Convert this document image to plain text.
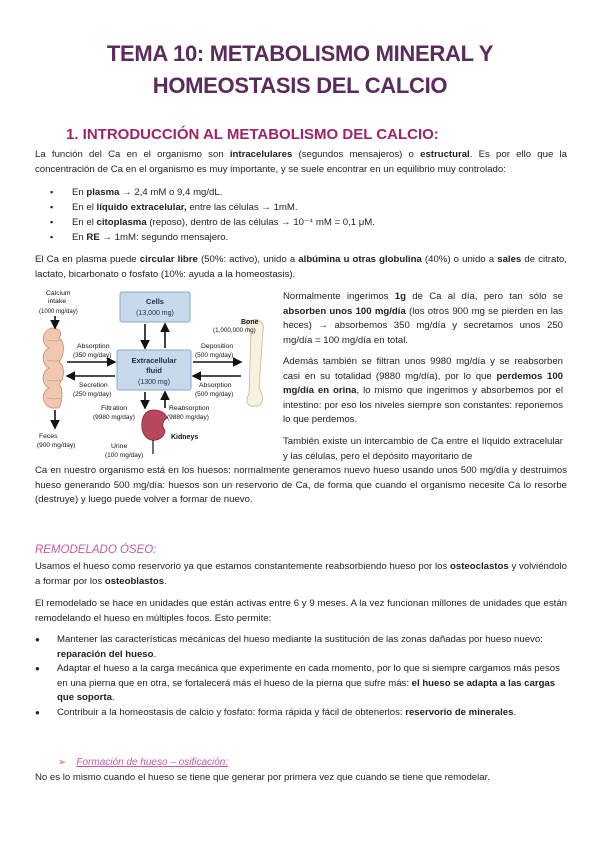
TEMA 10: METABOLISMO MINERAL Y
HOMEOSTASIS DEL CALCIO
1. INTRODUCCIÓN AL METABOLISMO DEL CALCIO:
La función del Ca en el organismo son intracelulares (segundos mensajeros) o estructural. Es por ello que la concentración de Ca en el organismo es muy importante, y se suele encontrar en un equilibrio muy controlado:
▪ En plasma → 2,4 mM o 9,4 mg/dL.
▪ En el líquido extracelular, entre las células → 1mM.
▪ En el citoplasma (reposo), dentro de las células → 10⁻⁴ mM = 0,1 μM.
▪ En RE → 1mM: segundo mensajero.
El Ca en plasma puede circular libre (50%: activo), unido a albúmina u otras globulina (40%) o unido a sales de citrato, lactato, bicarbonato o fosfato (10%: ayuda a la homeostasis).
Cells
(13,000 mg)
Extracellular
fluid
(1300 mg)
Calcium
intake
(1000 mg/day)
Absorption
(350 mg/day)
Secretion
(250 mg/day)
Feces
(900 mg/day)
Bone
(1,000,000 mg)
Deposition
(500 mg/day)
Absorption
(500 mg/day)
Filtration
(9980 mg/day)
Reabsorption
(9880 mg/day)
Kidneys
Urine
(100 mg/day)
Normalmente ingerimos 1g de Ca al día, pero tan sólo se absorben unos 100 mg/día (los otros 900 mg se pierden en las heces) → absorbemos 350 mg/día y secretamos unos 250 mg/día = 100 mg/día en total.
Además también se filtran unos 9980 mg/día y se reabsorben casi en su totalidad (9880 mg/día), por lo que perdemos 100 mg/día en orina, lo mismo que ingerimos y absorbemos por el intestino: por eso los niveles siempre son constantes: reponemos lo que perdemos.
También existe un intercambio de Ca entre el líquido extracelular y las células, pero el depósito mayoritario de
Ca en nuestro organismo está en los huesos: normalmente generamos nuevo hueso usando unos 500 mg/día y destruimos hueso generando 500 mg/día: huesos son un reservorio de Ca, de forma que cuando el organismo necesite Ca lo resorbe (destruye) y luego puede volver a formar de nuevo.
REMODELADO ÓSEO:
Usamos el hueso como reservorio ya que estamos constantemente reabsorbiendo hueso por los osteoclastos y volviéndolo a formar por los osteoblastos.
El remodelado se hace en unidades que están activas entre 6 y 9 meses. A la vez funcionan millones de unidades que están remodelando el hueso en múltiples focos. Esto permite:
● Mantener las características mecánicas del hueso mediante la sustitución de las zonas dañadas por hueso nuevo: reparación del hueso.
● Adaptar el hueso a la carga mecánica que experimente en cada momento, por lo que si siempre cargamos más pesos en una pierna que en otra, se fortalecerá más el hueso de la pierna que sufre más: el hueso se adapta a las cargas que soporta.
● Contribuir a la homeostasis de calcio y fosfato: forma rápida y fácil de obtenerlos: reservorio de minerales.
➢ Formación de hueso – osificación:
No es lo mismo cuando el hueso se tiene que generar por primera vez que cuando se tiene que remodelar.
